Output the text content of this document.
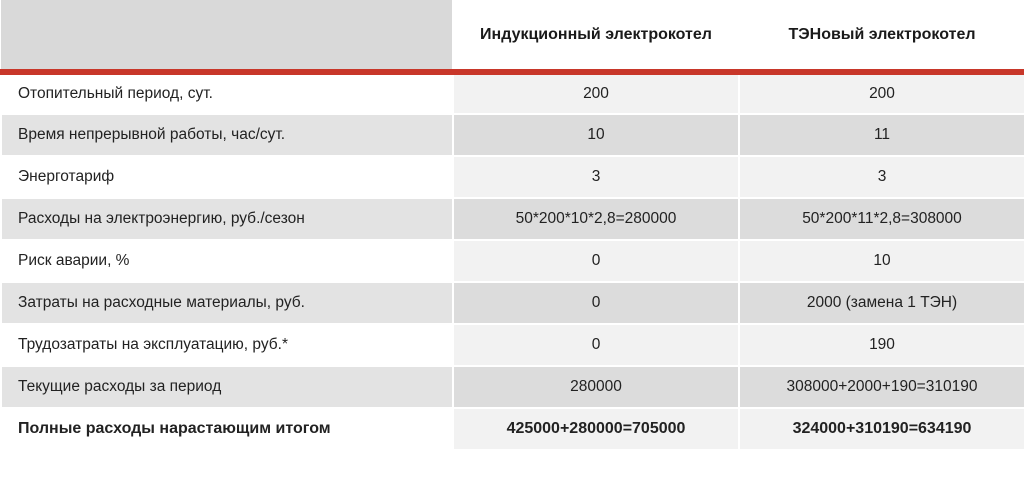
	Индукционный электрокотел	ТЭНовый электрокотел
Отопительный период, сут.	200	200
Время непрерывной работы, час/сут.	10	11
Энерготариф	3	3
Расходы на электроэнергию, руб./сезон	50*200*10*2,8=280000	50*200*11*2,8=308000
Риск аварии, %	0	10
Затраты на расходные материалы, руб.	0	2000 (замена 1 ТЭН)
Трудозатраты на эксплуатацию, руб.*	0	190
Текущие расходы за период	280000	308000+2000+190=310190
Полные расходы нарастающим итогом	425000+280000=705000	324000+310190=634190
